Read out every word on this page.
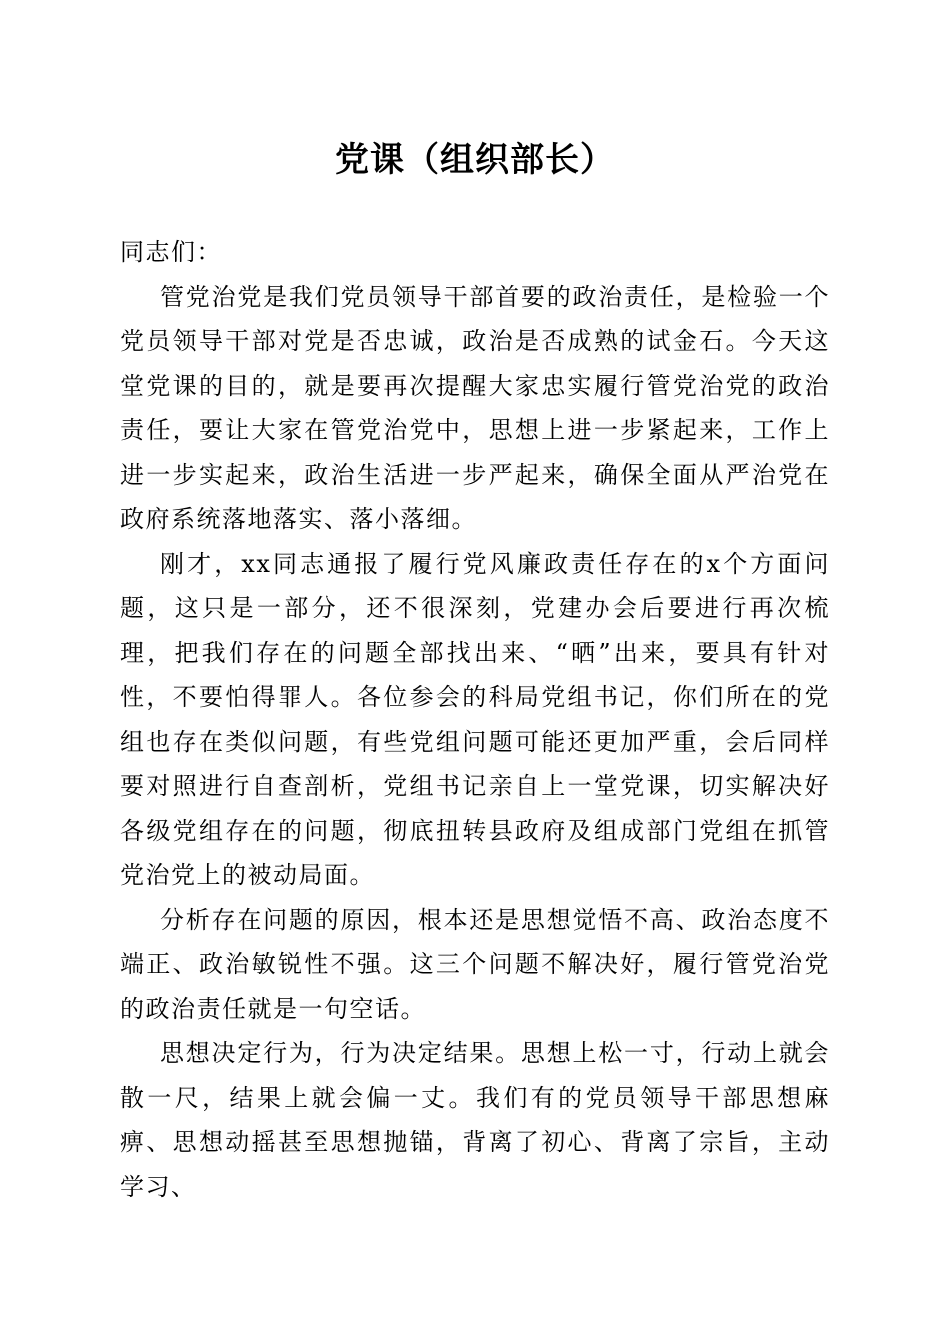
党课（组织部长）

同志们：

管党治党是我们党员领导干部首要的政治责任，是检验一个党员领导干部对党是否忠诚，政治是否成熟的试金石。今天这堂党课的目的，就是要再次提醒大家忠实履行管党治党的政治责任，要让大家在管党治党中，思想上进一步紧起来，工作上进一步实起来，政治生活进一步严起来，确保全面从严治党在政府系统落地落实、落小落细。

刚才，xx同志通报了履行党风廉政责任存在的x个方面问题，这只是一部分，还不很深刻，党建办会后要进行再次梳理，把我们存在的问题全部找出来、“晒”出来，要具有针对性，不要怕得罪人。各位参会的科局党组书记，你们所在的党组也存在类似问题，有些党组问题可能还更加严重，会后同样要对照进行自查剖析，党组书记亲自上一堂党课，切实解决好各级党组存在的问题，彻底扭转县政府及组成部门党组在抓管党治党上的被动局面。

分析存在问题的原因，根本还是思想觉悟不高、政治态度不端正、政治敏锐性不强。这三个问题不解决好，履行管党治党的政治责任就是一句空话。

思想决定行为，行为决定结果。思想上松一寸，行动上就会散一尺，结果上就会偏一丈。我们有的党员领导干部思想麻痹、思想动摇甚至思想抛锚，背离了初心、背离了宗旨，主动学习、
